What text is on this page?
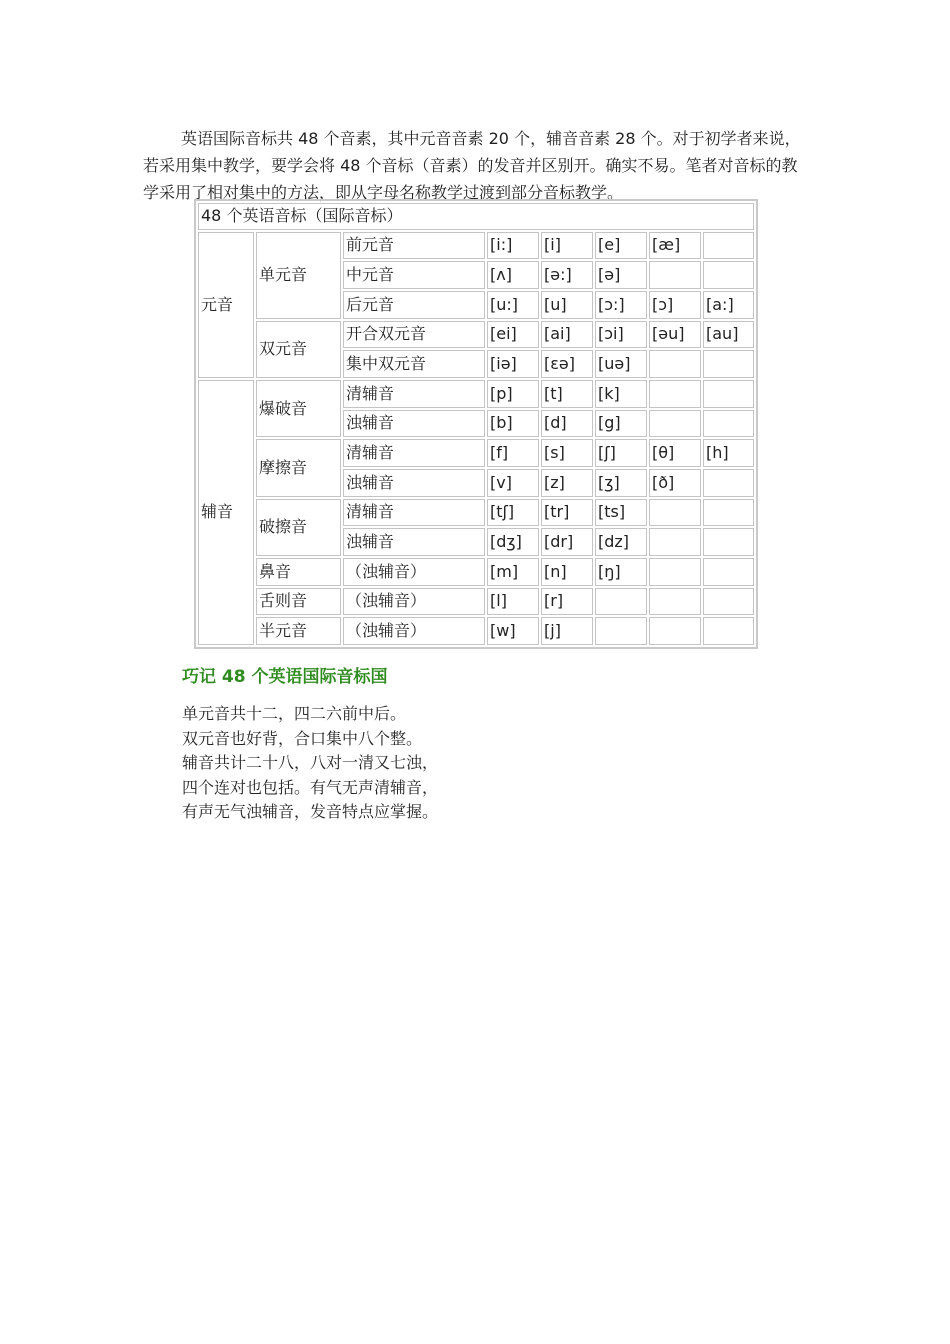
英语国际音标共 48 个音素，其中元音音素 20 个，辅音音素 28 个。对于初学者来说，若采用集中教学，要学会将 48 个音标（音素）的发音并区别开。确实不易。笔者对音标的教学采用了相对集中的方法，即从字母名称教学过渡到部分音标教学。

48 个英语音标（国际音标）							
元音	单元音	前元音	[i:]	[i]	[e]	[æ]	
		中元音	[ʌ]	[ə:]	[ə]		
		后元音	[u:]	[u]	[ɔ:]	[ɔ]	[a:]
	双元音	开合双元音	[ei]	[ai]	[ɔi]	[əu]	[au]
		集中双元音	[iə]	[εə]	[uə]		
辅音	爆破音	清辅音	[p]	[t]	[k]		
		浊辅音	[b]	[d]	[g]		
	摩擦音	清辅音	[f]	[s]	[ʃ]	[θ]	[h]
		浊辅音	[v]	[z]	[ʒ]	[ð]	
	破擦音	清辅音	[tʃ]	[tr]	[ts]		
		浊辅音	[dʒ]	[dr]	[dz]		
	鼻音	（浊辅音）	[m]	[n]	[ŋ]		
	舌则音	（浊辅音）	[l]	[r]			
	半元音	（浊辅音）	[w]	[j]			
巧记 48 个英语国际音标国
单元音共十二，四二六前中后。
双元音也好背，合口集中八个整。
辅音共计二十八，八对一清又七浊，
四个连对也包括。有气无声清辅音，
有声无气浊辅音，发音特点应掌握。
